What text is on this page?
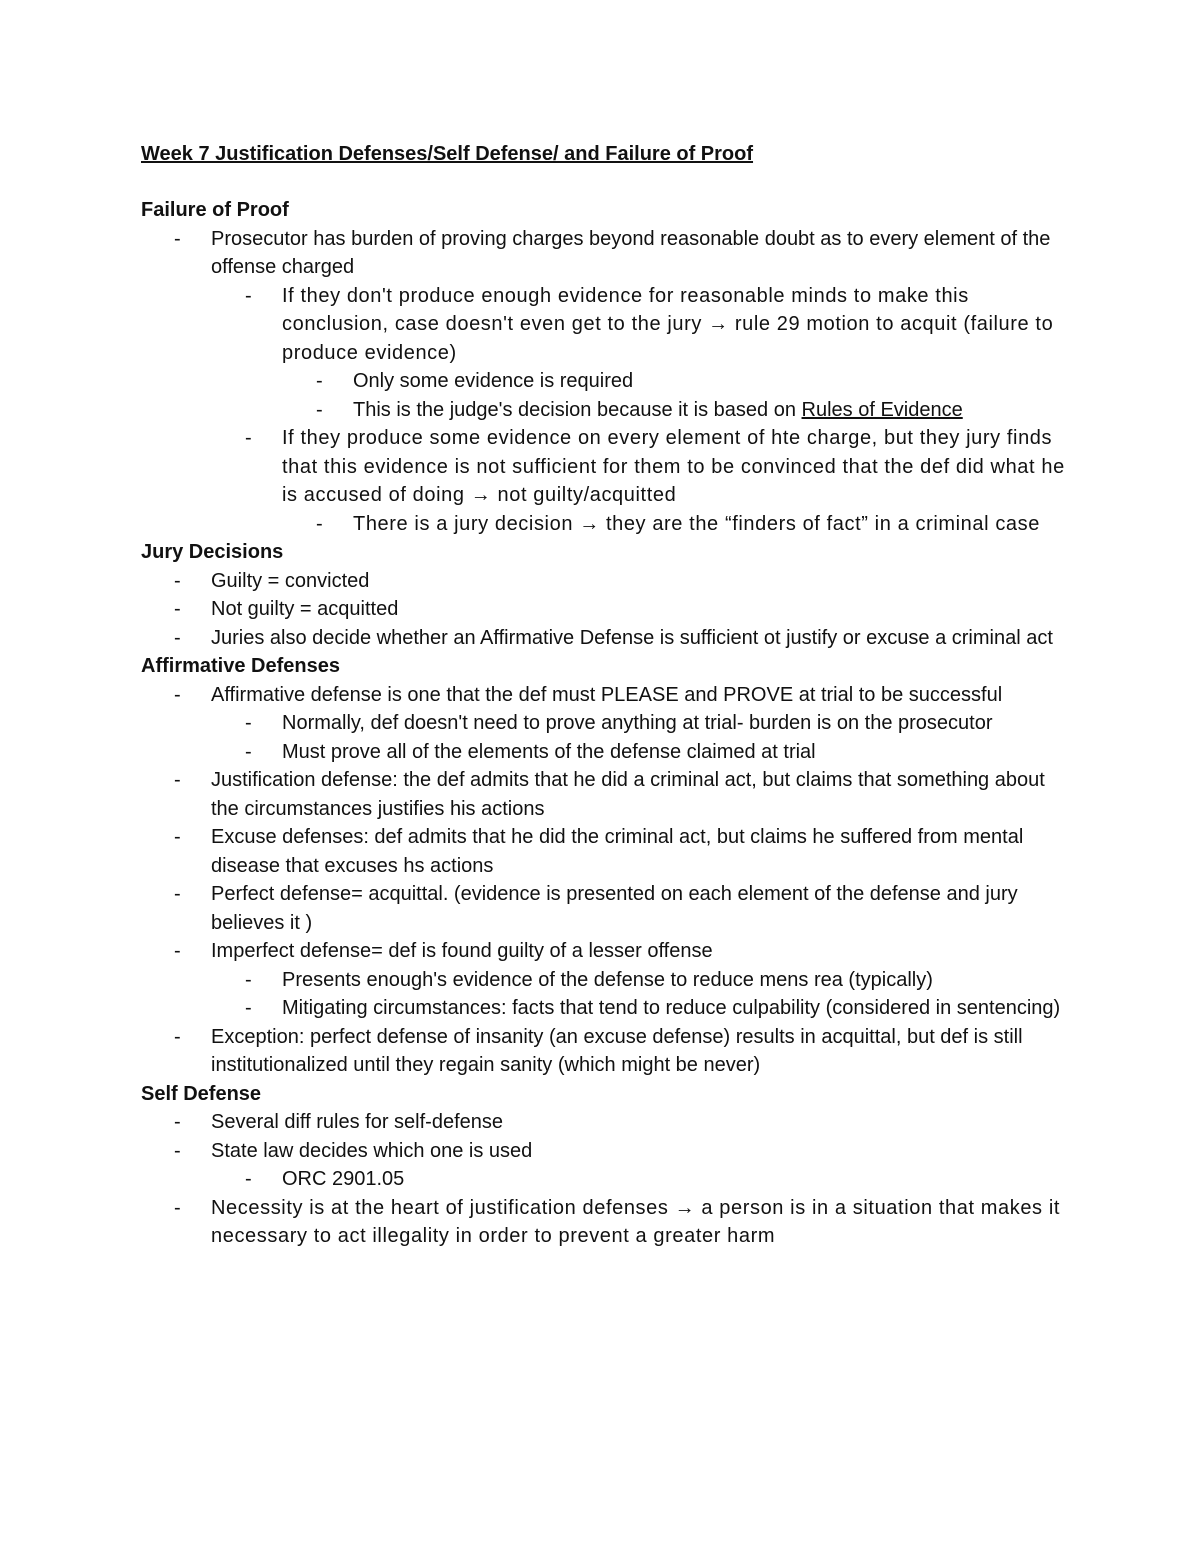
Week 7 Justification Defenses/Self Defense/ and Failure of Proof
Failure of Proof
-	Prosecutor has burden of proving charges beyond reasonable doubt as to every element of the offense charged
-	If they don't produce enough evidence for reasonable minds to make this conclusion, case doesn't even get to the jury → rule 29 motion to acquit (failure to produce evidence)
-	Only some evidence is required
-	This is the judge's decision because it is based on Rules of Evidence
-	If they produce some evidence on every element of hte charge, but they jury finds that this evidence is not sufficient for them to be convinced that the def did what he is accused of doing → not guilty/acquitted
-	There is a jury decision → they are the “finders of fact” in a criminal case
Jury Decisions
-	Guilty = convicted
-	Not guilty = acquitted
-	Juries also decide whether an Affirmative Defense is sufficient ot justify or excuse a criminal act
Affirmative Defenses
-	Affirmative defense is one that the def must PLEASE and PROVE at trial to be successful
-	Normally, def doesn't need to prove anything at trial- burden is on the prosecutor
-	Must prove all of the elements of the defense claimed at trial
-	Justification defense: the def admits that he did a criminal act, but claims that something about the circumstances justifies his actions
-	Excuse defenses: def admits that he did the criminal act, but claims he suffered from mental disease that excuses hs actions
-	Perfect defense= acquittal. (evidence is presented on each element of the defense and jury believes it )
-	Imperfect defense= def is found guilty of a lesser offense
-	Presents enough's evidence of the defense to reduce mens rea (typically)
-	Mitigating circumstances: facts that tend to reduce culpability (considered in sentencing)
-	Exception: perfect defense of insanity (an excuse defense) results in acquittal, but def is still institutionalized until they regain sanity (which might be never)
Self Defense
-	Several diff rules for self-defense
-	State law decides which one is used
-	ORC 2901.05
-	Necessity is at the heart of justification defenses → a person is in a situation that makes it necessary to act illegality in order to prevent a greater harm
